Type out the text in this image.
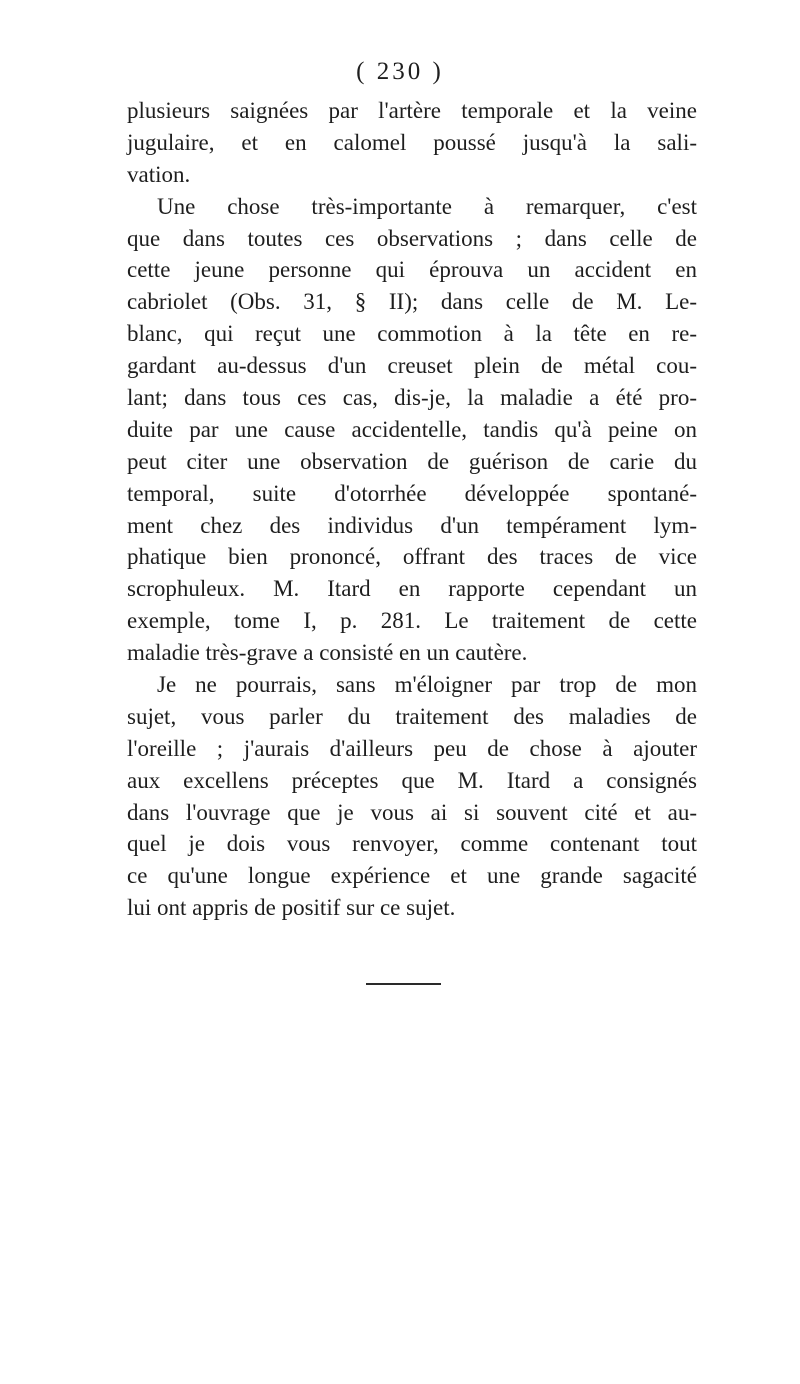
( 230 )
plusieurs saignées par l'artère temporale et la veine
jugulaire, et en calomel poussé jusqu'à la sali-
vation.
Une chose très-importante à remarquer, c'est
que dans toutes ces observations ; dans celle de
cette jeune personne qui éprouva un accident en
cabriolet (Obs. 31, § II); dans celle de M. Le-
blanc, qui reçut une commotion à la tête en re-
gardant au-dessus d'un creuset plein de métal cou-
lant; dans tous ces cas, dis-je, la maladie a été pro-
duite par une cause accidentelle, tandis qu'à peine on
peut citer une observation de guérison de carie du
temporal, suite d'otorrhée développée spontané-
ment chez des individus d'un tempérament lym-
phatique bien prononcé, offrant des traces de vice
scrophuleux. M. Itard en rapporte cependant un
exemple, tome I, p. 281. Le traitement de cette
maladie très-grave a consisté en un cautère.
Je ne pourrais, sans m'éloigner par trop de mon
sujet, vous parler du traitement des maladies de
l'oreille ; j'aurais d'ailleurs peu de chose à ajouter
aux excellens préceptes que M. Itard a consignés
dans l'ouvrage que je vous ai si souvent cité et au-
quel je dois vous renvoyer, comme contenant tout
ce qu'une longue expérience et une grande sagacité
lui ont appris de positif sur ce sujet.
